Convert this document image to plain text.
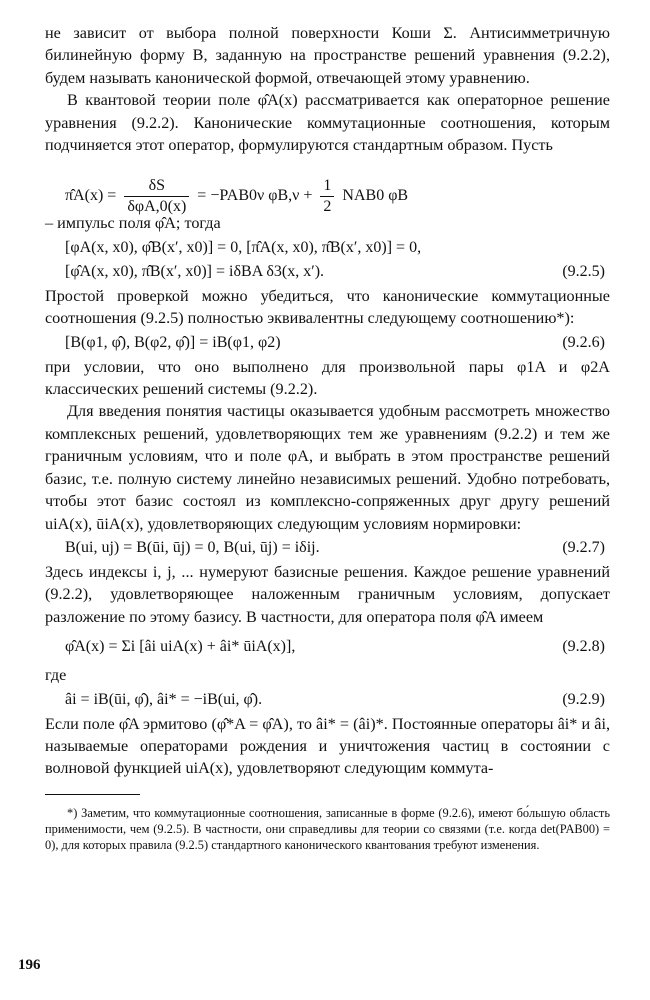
не зависит от выбора полной поверхности Коши Σ. Антисимметричную билинейную форму B, заданную на пространстве решений уравнения (9.2.2), будем называть канонической формой, отвечающей этому уравнению.

В квантовой теории поле φ̂A(x) рассматривается как операторное решение уравнения (9.2.2). Канонические коммутационные соотношения, которым подчиняется этот оператор, формулируются стандартным образом. Пусть

π̂A(x) = $\frac{\delta S}{\text{δφA,0(x)}} = -PAB0\nu$ $\varphi B,\nu + \frac{1}{2} NAB0$ φB

– импульс поля φ̂A; тогда

[φA(x, x0), φ̂B(x′, x0)] = 0, [π̂A(x, x0), π̂B(x′, x0)] = 0,
[φ̂A(x, x0), π̂B(x′, x0)] = iδBA δ3(x, x′).	(9.2.5)

Простой проверкой можно убедиться, что канонические коммутационные соотношения (9.2.5) полностью эквивалентны следующему соотношению*):

[B(φ1, φ̂), B(φ2, φ̂)] = iB(φ1, φ2)	(9.2.6)

при условии, что оно выполнено для произвольной пары φ1A и φ2A классических решений системы (9.2.2).

Для введения понятия частицы оказывается удобным рассмотреть множество комплексных решений, удовлетворяющих тем же уравнениям (9.2.2) и тем же граничным условиям, что и поле φA, и выбрать в этом пространстве решений базис, т.е. полную систему линейно независимых решений. Удобно потребовать, чтобы этот базис состоял из комплексно-сопряженных друг другу решений uiA(x), ūiA(x), удовлетворяющих следующим условиям нормировки:

B(ui, uj) = B(ūi, ūj) = 0, B(ui, ūj) = iδij.	(9.2.7)

Здесь индексы i, j, ... нумеруют базисные решения. Каждое решение уравнений (9.2.2), удовлетворяющее наложенным граничным условиям, допускает разложение по этому базису. В частности, для оператора поля φ̂A имеем

φ̂A(x) = Σi [âi uiA(x) + âi* ūiA(x)],	(9.2.8)

где

âi = iB(ūi, φ̂), âi* = −iB(ui, φ̂).	(9.2.9)

Если поле φ̂A эрмитово (φ̂*A = φ̂A), то âi* = (âi)*. Постоянные операторы âi* и âi, называемые операторами рождения и уничтожения частиц в состоянии с волновой функцией uiA(x), удовлетворяют следующим коммута-

*) Заметим, что коммутационные соотношения, записанные в форме (9.2.6), имеют бо́льшую область применимости, чем (9.2.5). В частности, они справедливы для теории со связями (т.е. когда det(PAB00) = 0), для которых правила (9.2.5) стандартного канонического квантования требуют изменения.

196
